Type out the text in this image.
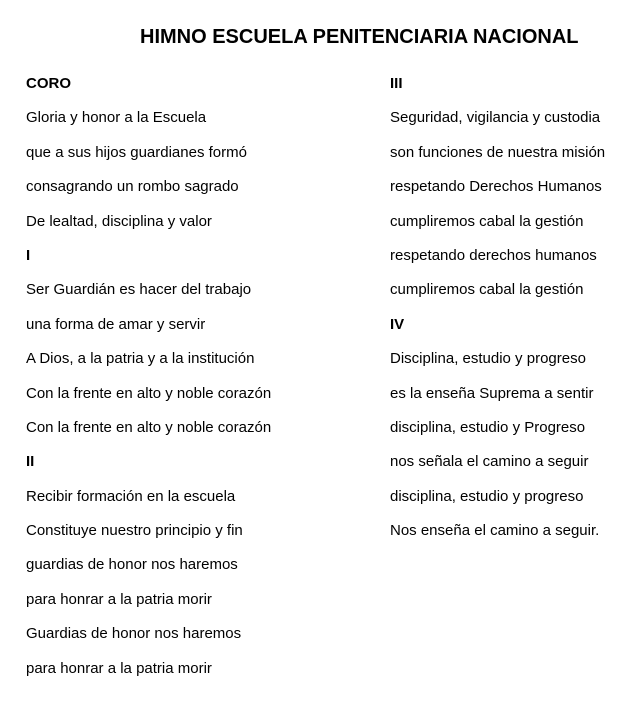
HIMNO ESCUELA PENITENCIARIA NACIONAL
CORO
Gloria y honor a la Escuela
que a sus hijos guardianes formó
consagrando un rombo sagrado
De lealtad, disciplina y valor
I
Ser Guardián es hacer del trabajo
una forma de amar y servir
A Dios, a la patria y a la institución
Con la frente en alto y noble corazón
Con la frente en alto y noble corazón
II
Recibir formación en la escuela
Constituye nuestro principio y fin
guardias de honor nos haremos
para honrar a la patria morir
Guardias de honor nos haremos
para honrar a la patria morir
III
Seguridad, vigilancia y custodia
son funciones de nuestra misión
respetando Derechos Humanos
cumpliremos cabal la gestión
respetando derechos humanos
cumpliremos cabal la gestión
IV
Disciplina, estudio y progreso
es la enseña Suprema a sentir
disciplina, estudio y Progreso
nos señala el camino a seguir
disciplina, estudio y progreso
Nos enseña el camino a seguir.
